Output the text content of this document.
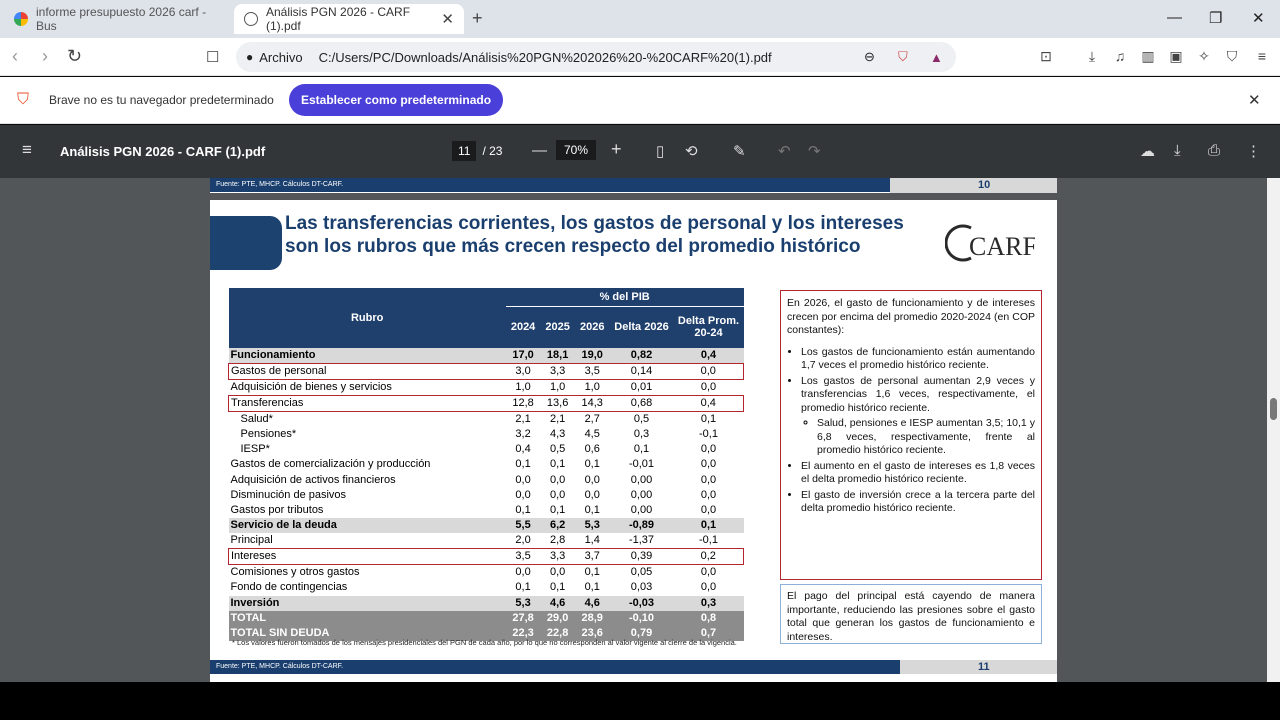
informe presupuesto 2026 carf - Bus
Análisis PGN 2026 - CARF (1).pdf	✕ +	— ❐ ✕
‹ › ↻	☐ ● Archivo C:/Users/PC/Downloads/Análisis%20PGN%202026%20-%20CARF%20(1).pdf	⊖ ⛉ ▲	⊡	⤓	♫ ▥ ▣ ✧ ⛉ ≡
⛉ Brave no es tu navegador predeterminado	Establecer como predeterminado	✕
≡ Análisis PGN 2026 - CARF (1).pdf	11	/ 23 —	70%	+ ▯ ⟲ ✎ ↶ ↷	☁ ⤓ ⎙ ⋮
Fuente: PTE, MHCP. Cálculos DT-CARF.	10
Las transferencias corrientes, los gastos de personal y los intereses son los rubros que más crecen respecto del promedio histórico	CARF
Rubro	% del PIB				
	2024	2025	2026	Delta 2026	Delta Prom. 20-24
Funcionamiento	17,0	18,1	19,0	0,82	0,4
Gastos de personal	3,0	3,3	3,5	0,14	0,0
Adquisición de bienes y servicios	1,0	1,0	1,0	0,01	0,0
Transferencias	12,8	13,6	14,3	0,68	0,4
Salud*	2,1	2,1	2,7	0,5	0,1
Pensiones*	3,2	4,3	4,5	0,3	-0,1
IESP*	0,4	0,5	0,6	0,1	0,0
Gastos de comercialización y producción	0,1	0,1	0,1	-0,01	0,0
Adquisición de activos financieros	0,0	0,0	0,0	0,00	0,0
Disminución de pasivos	0,0	0,0	0,0	0,00	0,0
Gastos por tributos	0,1	0,1	0,1	0,00	0,0
Servicio de la deuda	5,5	6,2	5,3	-0,89	0,1
Principal	2,0	2,8	1,4	-1,37	-0,1
Intereses	3,5	3,3	3,7	0,39	0,2
Comisiones y otros gastos	0,0	0,0	0,1	0,05	0,0
Fondo de contingencias	0,1	0,1	0,1	0,03	0,0
Inversión	5,3	4,6	4,6	-0,03	0,3
TOTAL	27,8	29,0	28,9	-0,10	0,8
TOTAL SIN DEUDA	22,3	22,8	23,6	0,79	0,7
* Los valores fueron tomados de los mensajes presidenciales del PGN de cada año, por lo que no corresponden al valor vigente al cierre de la vigencia.

En 2026, el gasto de funcionamiento y de intereses crecen por encima del promedio 2020-2024 (en COP constantes):

• Los gastos de funcionamiento están aumentando 1,7 veces el promedio histórico reciente.
• Los gastos de personal aumentan 2,9 veces y transferencias 1,6 veces, respectivamente, el promedio histórico reciente.
◦ Salud, pensiones e IESP aumentan 3,5; 10,1 y 6,8 veces, respectivamente, frente al promedio histórico reciente.
• El aumento en el gasto de intereses es 1,8 veces el delta promedio histórico reciente.
• El gasto de inversión crece a la tercera parte del delta promedio histórico reciente.
El pago del principal está cayendo de manera importante, reduciendo las presiones sobre el gasto total que generan los gastos de funcionamiento e intereses.
Fuente: PTE, MHCP. Cálculos DT-CARF.	11
